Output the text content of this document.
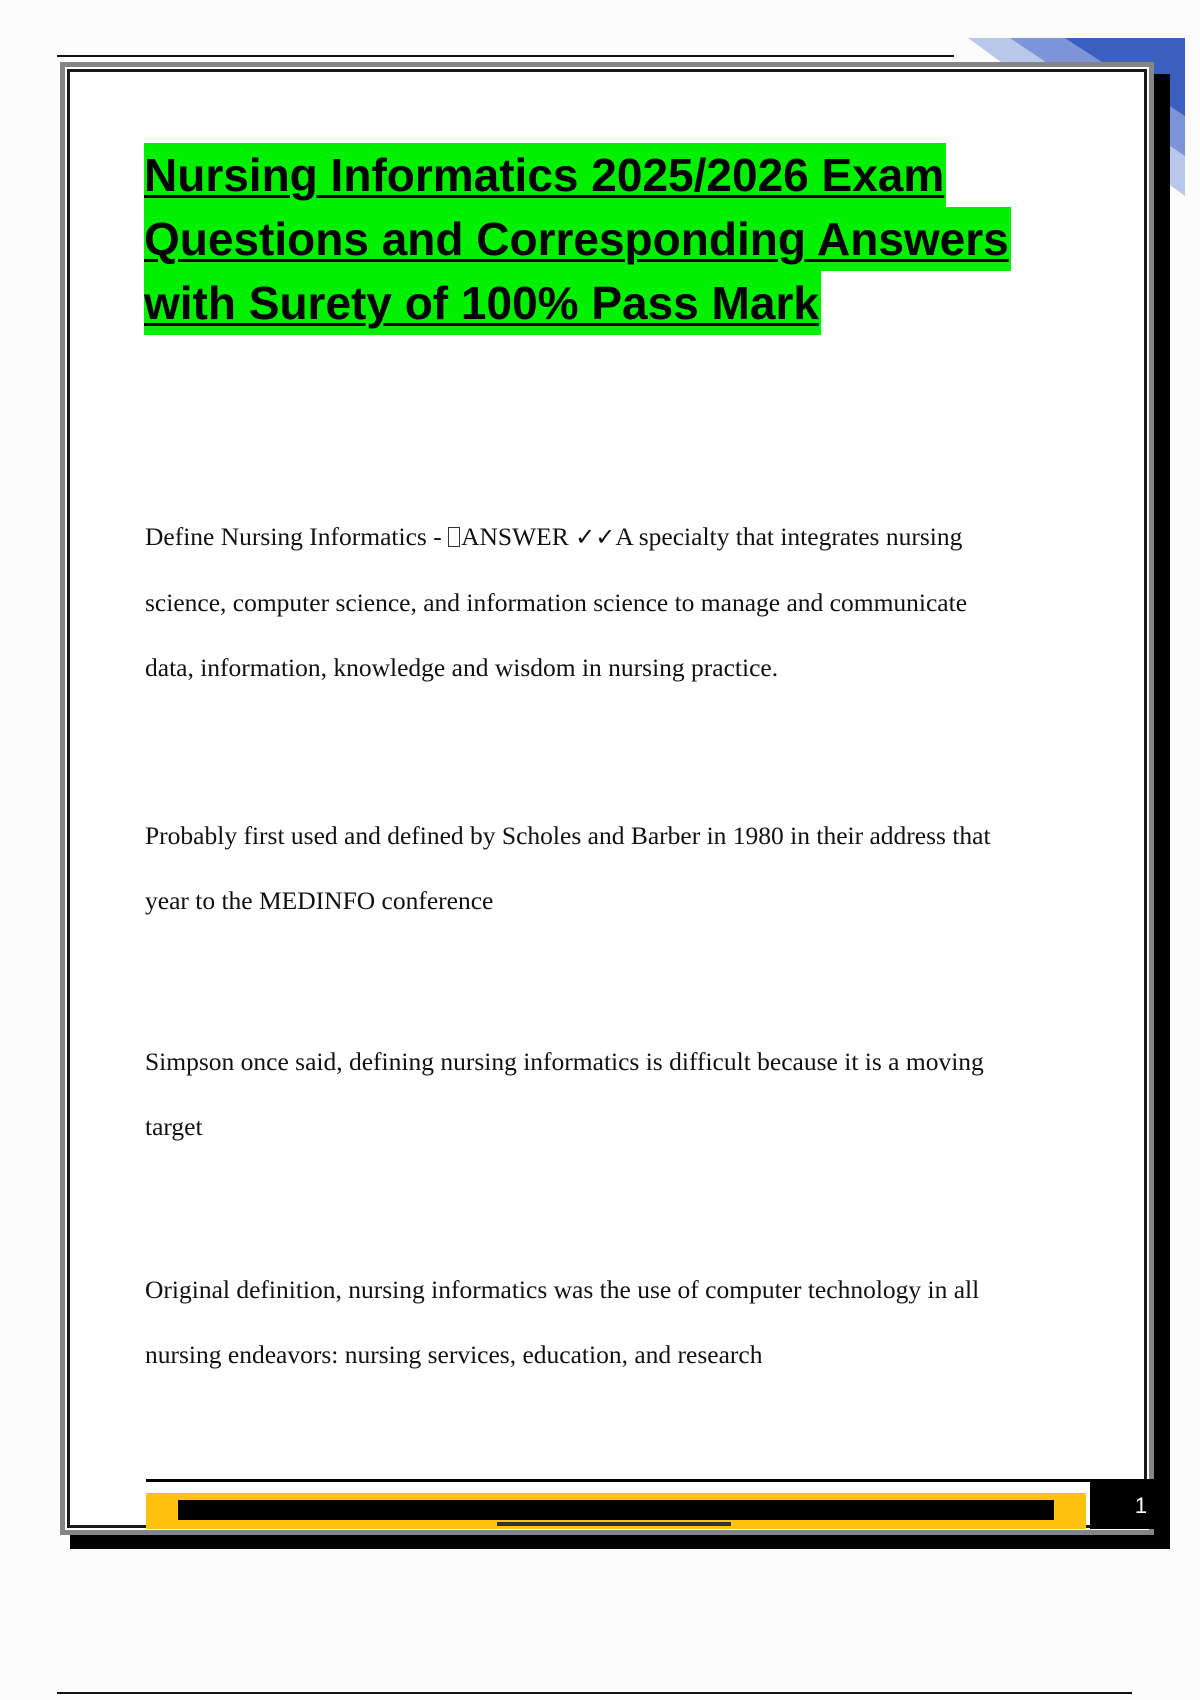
Nursing Informatics 2025/2026 Exam
Questions and Corresponding Answers
with Surety of 100% Pass Mark
Define Nursing Informatics - ANSWER ✓✓A specialty that integrates nursing
science, computer science, and information science to manage and communicate
data, information, knowledge and wisdom in nursing practice.
Probably first used and defined by Scholes and Barber in 1980 in their address that
year to the MEDINFO conference
Simpson once said, defining nursing informatics is difficult because it is a moving
target
Original definition, nursing informatics was the use of computer technology in all
nursing endeavors: nursing services, education, and research
1
